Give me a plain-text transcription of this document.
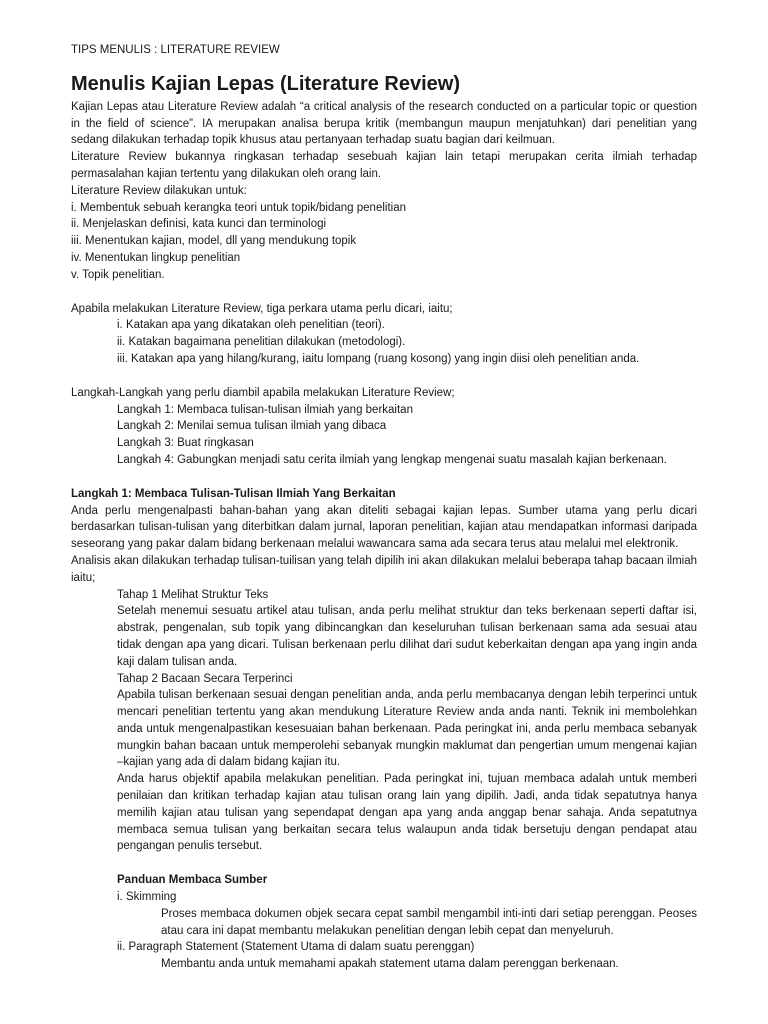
TIPS MENULIS : LITERATURE REVIEW
Menulis Kajian Lepas (Literature Review)

Kajian Lepas atau Literature Review adalah “a critical analysis of the research conducted on a particular topic or question in the field of science”. IA merupakan analisa berupa kritik (membangun maupun menjatuhkan) dari penelitian yang sedang dilakukan terhadap topik khusus atau pertanyaan terhadap suatu bagian dari keilmuan.

Literature Review bukannya ringkasan terhadap sesebuah kajian lain tetapi merupakan cerita ilmiah terhadap permasalahan kajian tertentu yang dilakukan oleh orang lain.

Literature Review dilakukan untuk:

i. Membentuk sebuah kerangka teori untuk topik/bidang penelitian

ii. Menjelaskan definisi, kata kunci dan terminologi

iii. Menentukan kajian, model, dll yang mendukung topik

iv. Menentukan lingkup penelitian

v. Topik penelitian.

Apabila melakukan Literature Review, tiga perkara utama perlu dicari, iaitu;

i. Katakan apa yang dikatakan oleh penelitian (teori).

ii. Katakan bagaimana penelitian dilakukan (metodologi).

iii. Katakan apa yang hilang/kurang, iaitu lompang (ruang kosong) yang ingin diisi oleh penelitian anda.

Langkah-Langkah yang perlu diambil apabila melakukan Literature Review;

Langkah 1: Membaca tulisan-tulisan ilmiah yang berkaitan

Langkah 2: Menilai semua tulisan ilmiah yang dibaca

Langkah 3: Buat ringkasan

Langkah 4: Gabungkan menjadi satu cerita ilmiah yang lengkap mengenai suatu masalah kajian berkenaan.

Langkah 1: Membaca Tulisan-Tulisan Ilmiah Yang Berkaitan

Anda perlu mengenalpasti bahan-bahan yang akan diteliti sebagai kajian lepas. Sumber utama yang perlu dicari berdasarkan tulisan-tulisan yang diterbitkan dalam jurnal, laporan penelitian, kajian atau mendapatkan informasi daripada seseorang yang pakar dalam bidang berkenaan melalui wawancara sama ada secara terus atau melalui mel elektronik.

Analisis akan dilakukan terhadap tulisan-tuilisan yang telah dipilih ini akan dilakukan melalui beberapa tahap bacaan ilmiah iaitu;

Tahap 1 Melihat Struktur Teks

Setelah menemui sesuatu artikel atau tulisan, anda perlu melihat struktur dan teks berkenaan seperti daftar isi, abstrak, pengenalan, sub topik yang dibincangkan dan keseluruhan tulisan berkenaan sama ada sesuai atau tidak dengan apa yang dicari. Tulisan berkenaan perlu dilihat dari sudut keberkaitan dengan apa yang ingin anda kaji dalam tulisan anda.

Tahap 2 Bacaan Secara Terperinci

Apabila tulisan berkenaan sesuai dengan penelitian anda, anda perlu membacanya dengan lebih terperinci untuk mencari penelitian tertentu yang akan mendukung Literature Review anda anda nanti. Teknik ini membolehkan anda untuk mengenalpastikan kesesuaian bahan berkenaan. Pada peringkat ini, anda perlu membaca sebanyak mungkin bahan bacaan untuk memperolehi sebanyak mungkin maklumat dan pengertian umum mengenai kajian –kajian yang ada di dalam bidang kajian itu.

Anda harus objektif apabila melakukan penelitian. Pada peringkat ini, tujuan membaca adalah untuk memberi penilaian dan kritikan terhadap kajian atau tulisan orang lain yang dipilih. Jadi, anda tidak sepatutnya hanya memilih kajian atau tulisan yang sependapat dengan apa yang anda anggap benar sahaja. Anda sepatutnya membaca semua tulisan yang berkaitan secara telus walaupun anda tidak bersetuju dengan pendapat atau pengangan penulis tersebut.

Panduan Membaca Sumber

i. Skimming

Proses membaca dokumen objek secara cepat sambil mengambil inti-inti dari setiap perenggan. Peoses atau cara ini dapat membantu melakukan penelitian dengan lebih cepat dan menyeluruh.

ii. Paragraph Statement (Statement Utama di dalam suatu perenggan)

Membantu anda untuk memahami apakah statement utama dalam perenggan berkenaan.
